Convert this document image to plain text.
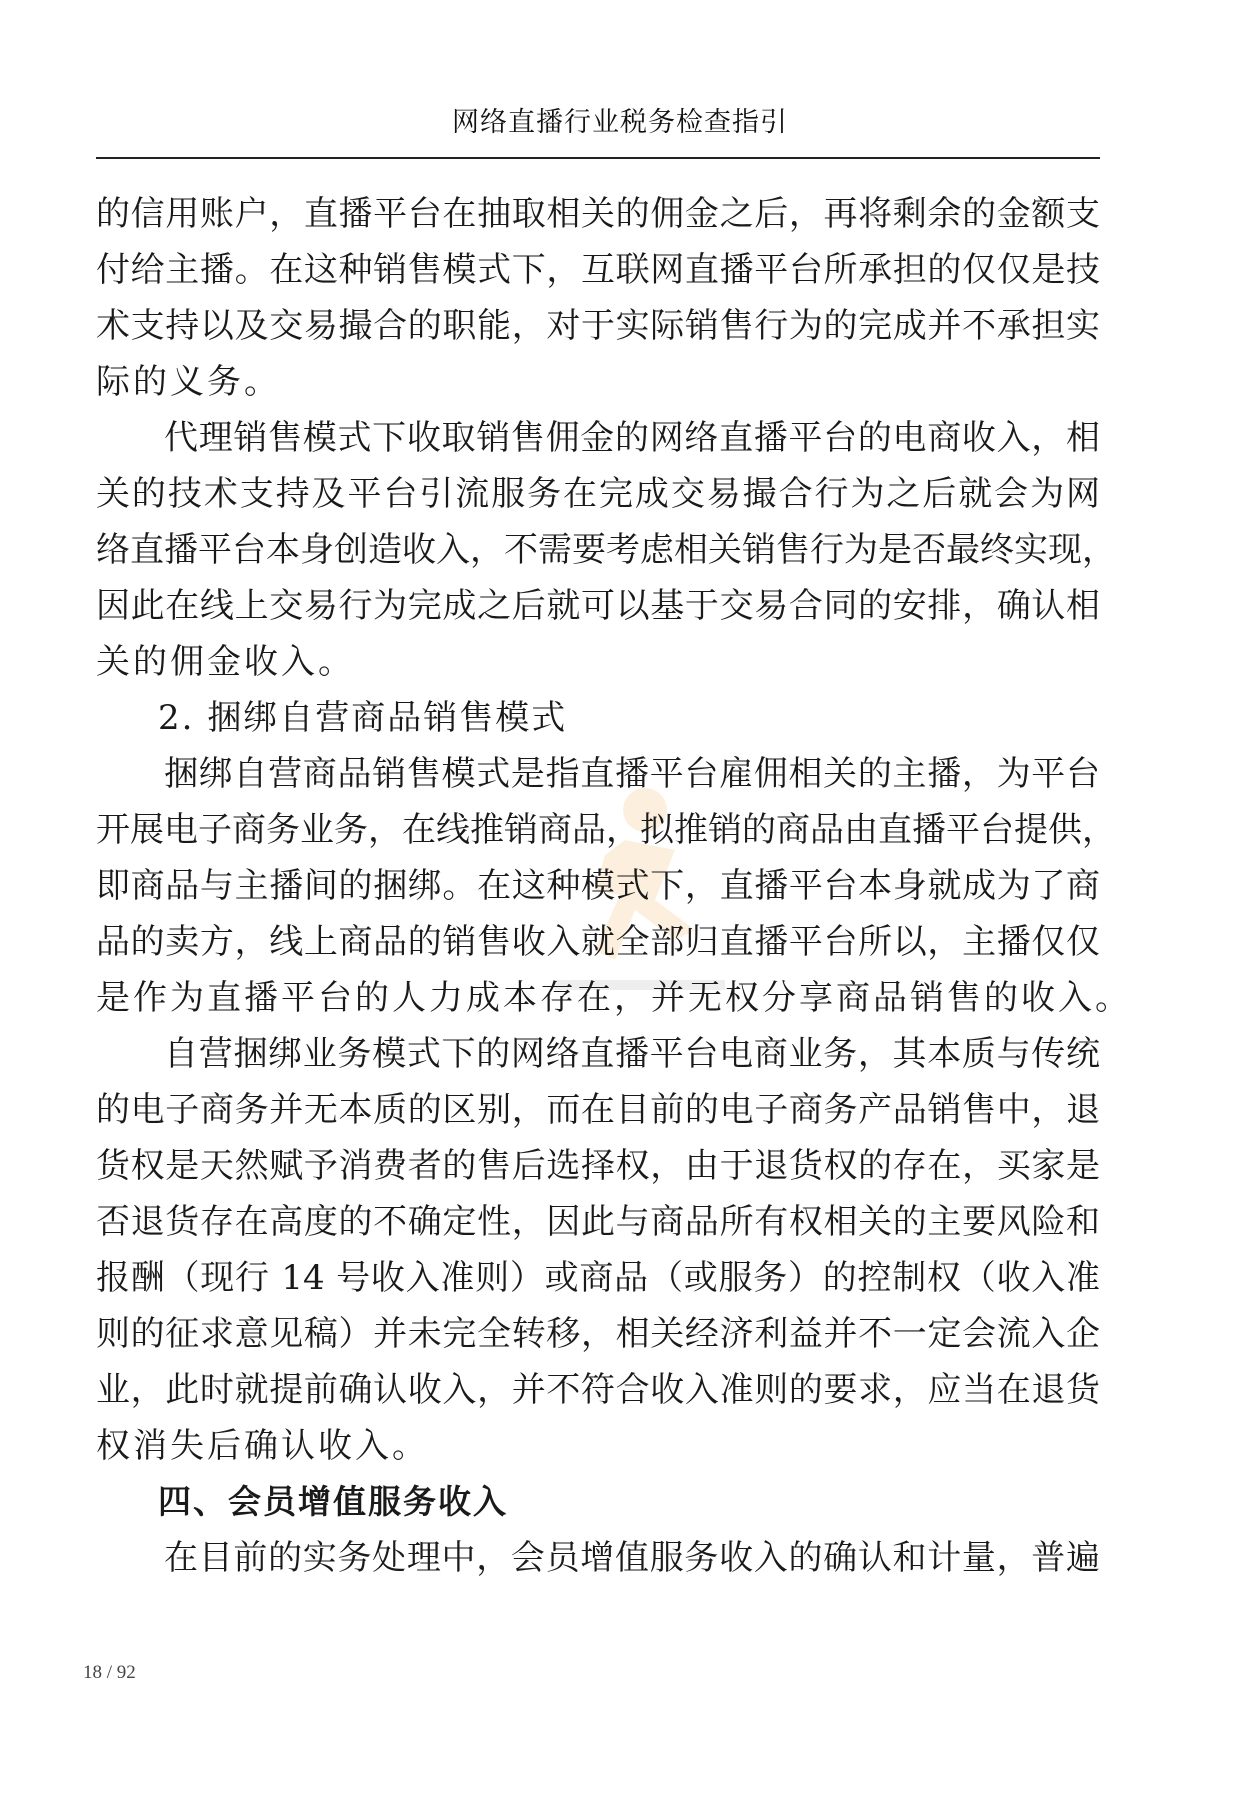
网络直播行业税务检查指引
的信用账户，直播平台在抽取相关的佣金之后，再将剩余的金额支
付给主播。在这种销售模式下，互联网直播平台所承担的仅仅是技
术支持以及交易撮合的职能，对于实际销售行为的完成并不承担实
际的义务。
代理销售模式下收取销售佣金的网络直播平台的电商收入，相
关的技术支持及平台引流服务在完成交易撮合行为之后就会为网
络直播平台本身创造收入，不需要考虑相关销售行为是否最终实现，
因此在线上交易行为完成之后就可以基于交易合同的安排，确认相
关的佣金收入。
2. 捆绑自营商品销售模式
捆绑自营商品销售模式是指直播平台雇佣相关的主播，为平台
开展电子商务业务，在线推销商品，拟推销的商品由直播平台提供，
即商品与主播间的捆绑。在这种模式下，直播平台本身就成为了商
品的卖方，线上商品的销售收入就全部归直播平台所以，主播仅仅
是作为直播平台的人力成本存在，并无权分享商品销售的收入。
自营捆绑业务模式下的网络直播平台电商业务，其本质与传统
的电子商务并无本质的区别，而在目前的电子商务产品销售中，退
货权是天然赋予消费者的售后选择权，由于退货权的存在，买家是
否退货存在高度的不确定性，因此与商品所有权相关的主要风险和
报酬（现行 14 号收入准则）或商品（或服务）的控制权（收入准
则的征求意见稿）并未完全转移，相关经济利益并不一定会流入企
业，此时就提前确认收入，并不符合收入准则的要求，应当在退货
权消失后确认收入。
四、会员增值服务收入
在目前的实务处理中，会员增值服务收入的确认和计量，普遍
18 / 92
